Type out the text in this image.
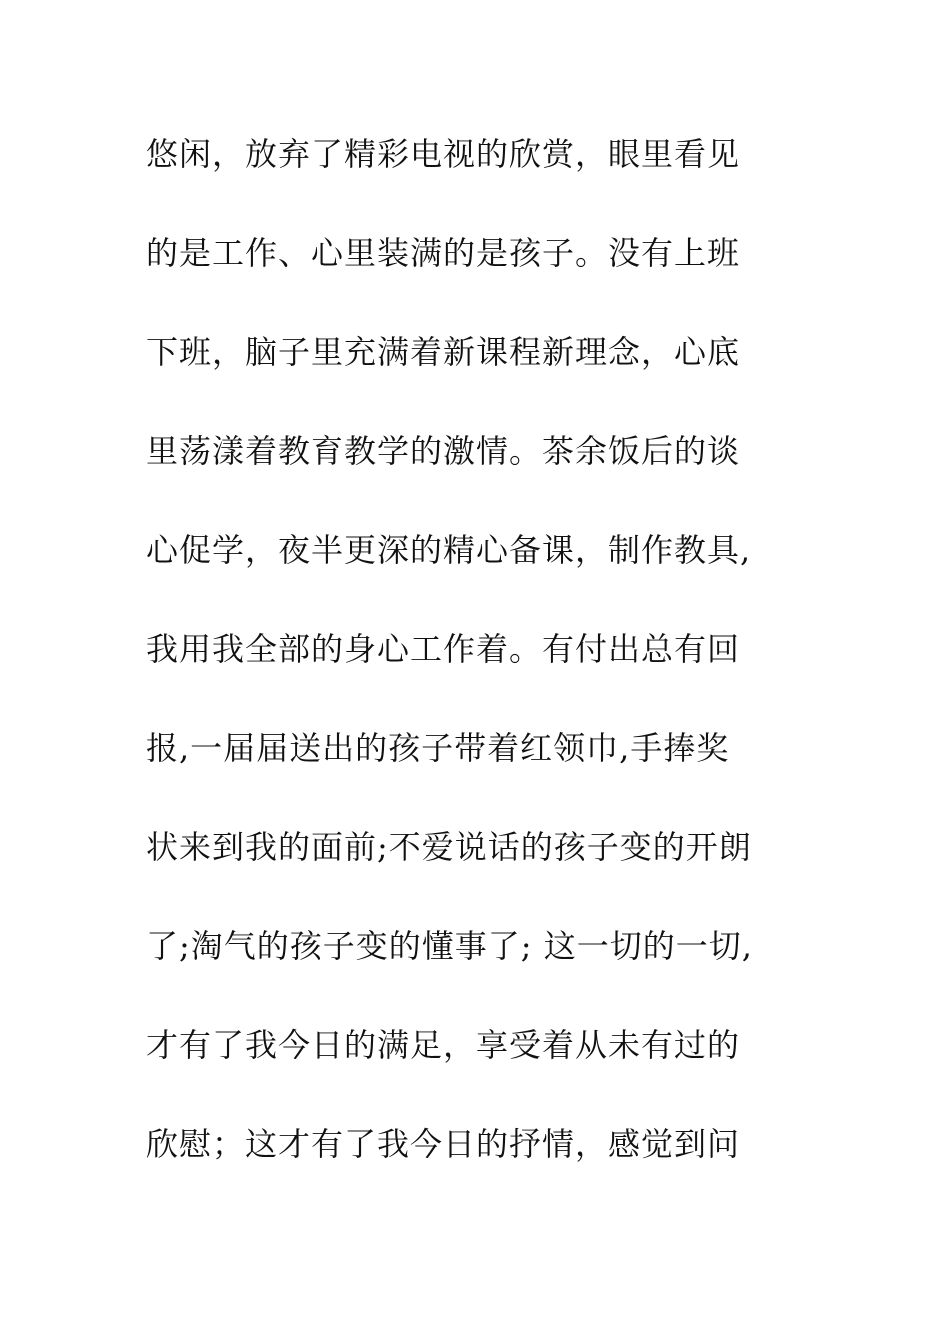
悠闲，放弃了精彩电视的欣赏，眼里看见
的是工作、心里装满的是孩子。没有上班
下班，脑子里充满着新课程新理念，心底
里荡漾着教育教学的激情。茶余饭后的谈
心促学，夜半更深的精心备课，制作教具,
我用我全部的身心工作着。有付出总有回
报,一届届送出的孩子带着红领巾,手捧奖
状来到我的面前;不爱说话的孩子变的开朗
了;淘气的孩子变的懂事了; 这一切的一切,
才有了我今日的满足，享受着从未有过的
欣慰；这才有了我今日的抒情，感觉到问
